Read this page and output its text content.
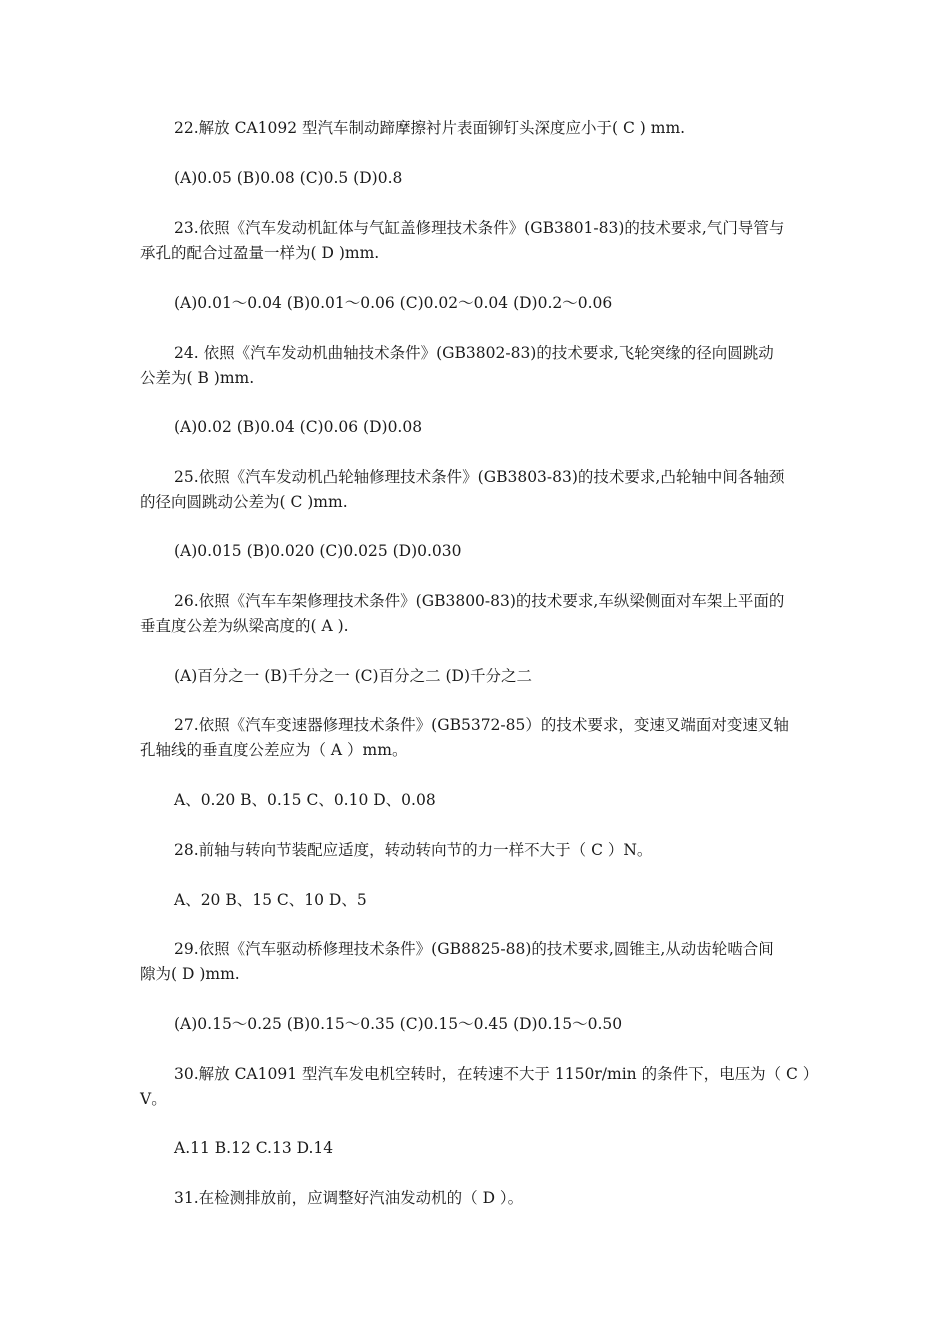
22.解放 CA1092 型汽车制动蹄摩擦衬片表面铆钉头深度应小于( C ) mm.
(A)0.05 (B)0.08 (C)0.5 (D)0.8
23.依照《汽车发动机缸体与气缸盖修理技术条件》(GB3801-83)的技术要求,气门导管与
承孔的配合过盈量一样为( D )mm.
(A)0.01～0.04 (B)0.01～0.06 (C)0.02～0.04 (D)0.2～0.06
24. 依照《汽车发动机曲轴技术条件》(GB3802-83)的技术要求,飞轮突缘的径向圆跳动
公差为( B )mm.
(A)0.02 (B)0.04 (C)0.06 (D)0.08
25.依照《汽车发动机凸轮轴修理技术条件》(GB3803-83)的技术要求,凸轮轴中间各轴颈
的径向圆跳动公差为( C )mm.
(A)0.015 (B)0.020 (C)0.025 (D)0.030
26.依照《汽车车架修理技术条件》(GB3800-83)的技术要求,车纵梁侧面对车架上平面的
垂直度公差为纵梁高度的( A ).
(A)百分之一 (B)千分之一 (C)百分之二 (D)千分之二
27.依照《汽车变速器修理技术条件》(GB5372-85）的技术要求，变速叉端面对变速叉轴
孔轴线的垂直度公差应为（ A ）mm。
A、0.20 B、0.15 C、0.10 D、0.08
28.前轴与转向节装配应适度，转动转向节的力一样不大于（ C ）N。
A、20 B、15 C、10 D、5
29.依照《汽车驱动桥修理技术条件》(GB8825-88)的技术要求,圆锥主,从动齿轮啮合间
隙为( D )mm.
(A)0.15～0.25 (B)0.15～0.35 (C)0.15～0.45 (D)0.15～0.50
30.解放 CA1091 型汽车发电机空转时，在转速不大于 1150r/min 的条件下，电压为（ C ）
V。
A.11 B.12 C.13 D.14
31.在检测排放前，应调整好汽油发动机的（ D ）。
